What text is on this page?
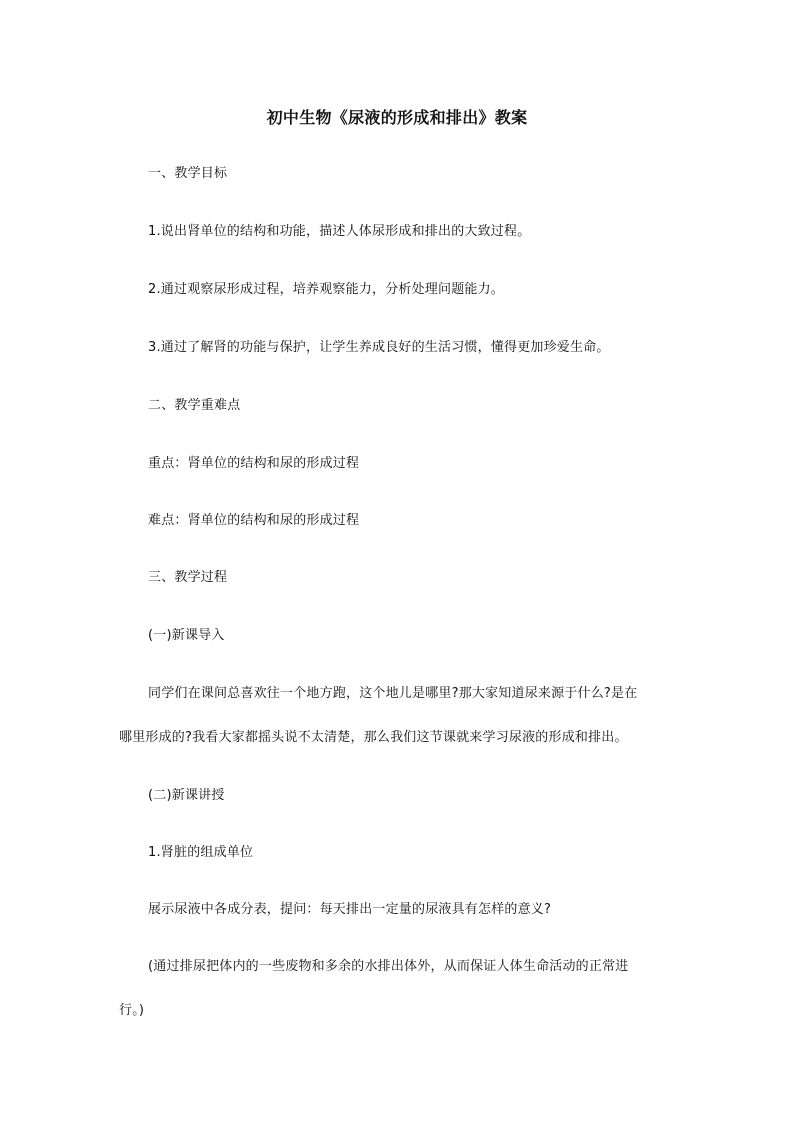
初中生物《尿液的形成和排出》教案
一、教学目标
1.说出肾单位的结构和功能，描述人体尿形成和排出的大致过程。
2.通过观察尿形成过程，培养观察能力，分析处理问题能力。
3.通过了解肾的功能与保护，让学生养成良好的生活习惯，懂得更加珍爱生命。
二、教学重难点
重点：肾单位的结构和尿的形成过程
难点：肾单位的结构和尿的形成过程
三、教学过程
(一)新课导入
同学们在课间总喜欢往一个地方跑，这个地儿是哪里?那大家知道尿来源于什么?是在
哪里形成的?我看大家都摇头说不太清楚，那么我们这节课就来学习尿液的形成和排出。
(二)新课讲授
1.肾脏的组成单位
展示尿液中各成分表，提问：每天排出一定量的尿液具有怎样的意义?
(通过排尿把体内的一些废物和多余的水排出体外，从而保证人体生命活动的正常进
行。)
